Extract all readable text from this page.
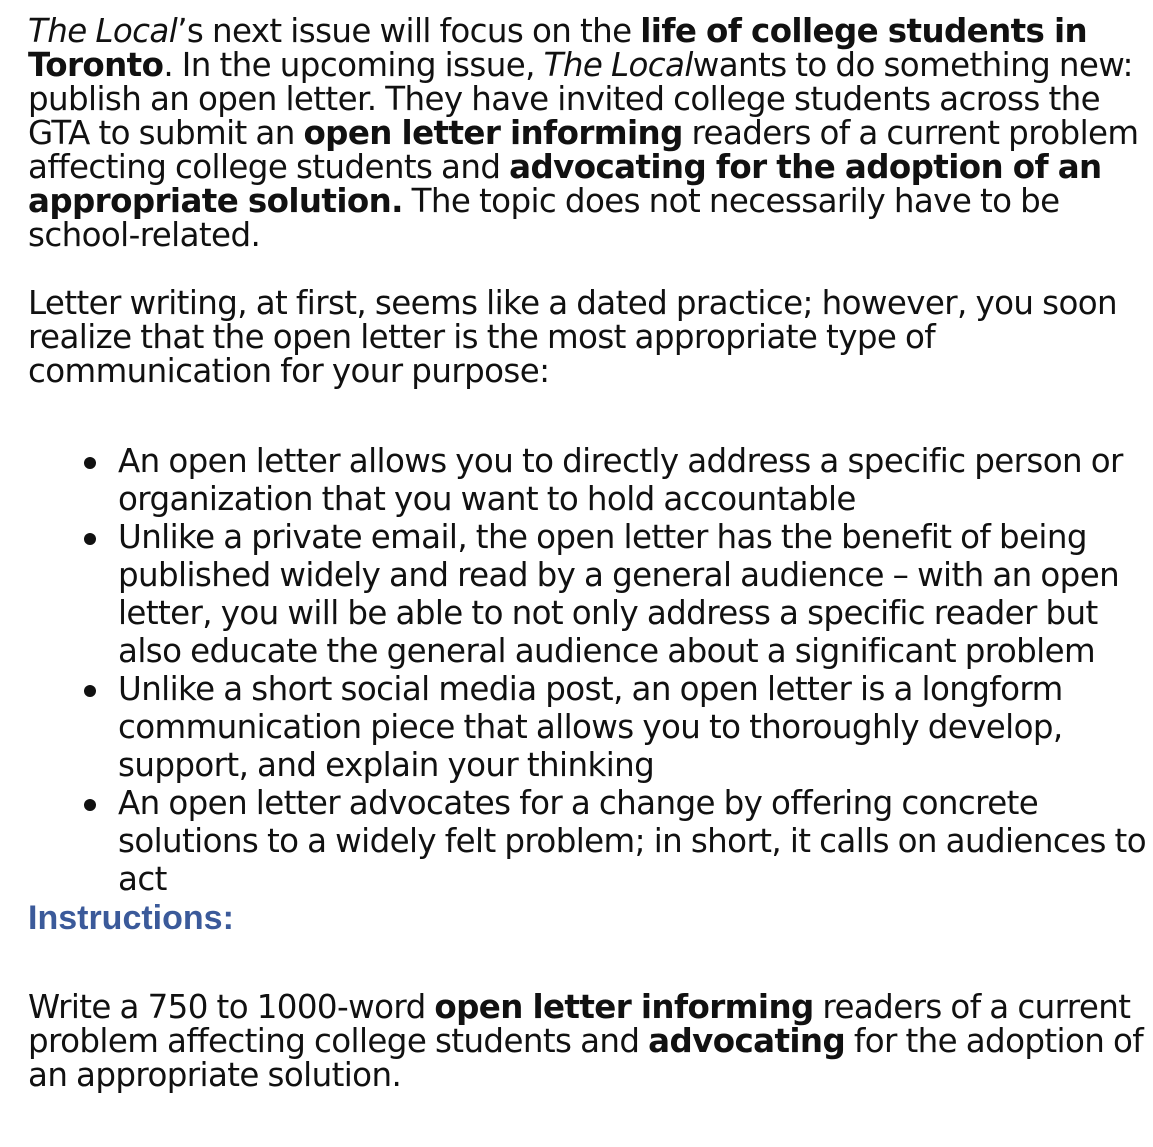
The Local’s next issue will focus on the life of college students in Toronto. In the upcoming issue, The Localwants to do something new: publish an open letter. They have invited college students across the GTA to submit an open letter informing readers of a current problem affecting college students and advocating for the adoption of an appropriate solution. The topic does not necessarily have to be school-related.

Letter writing, at first, seems like a dated practice; however, you soon realize that the open letter is the most appropriate type of communication for your purpose:

An open letter allows you to directly address a specific person or organization that you want to hold accountable
Unlike a private email, the open letter has the benefit of being published widely and read by a general audience – with an open letter, you will be able to not only address a specific reader but also educate the general audience about a significant problem
Unlike a short social media post, an open letter is a longform communication piece that allows you to thoroughly develop, support, and explain your thinking
An open letter advocates for a change by offering concrete solutions to a widely felt problem; in short, it calls on audiences to act
Instructions:

Write a 750 to 1000-word open letter informing readers of a current problem affecting college students and advocating for the adoption of an appropriate solution.
